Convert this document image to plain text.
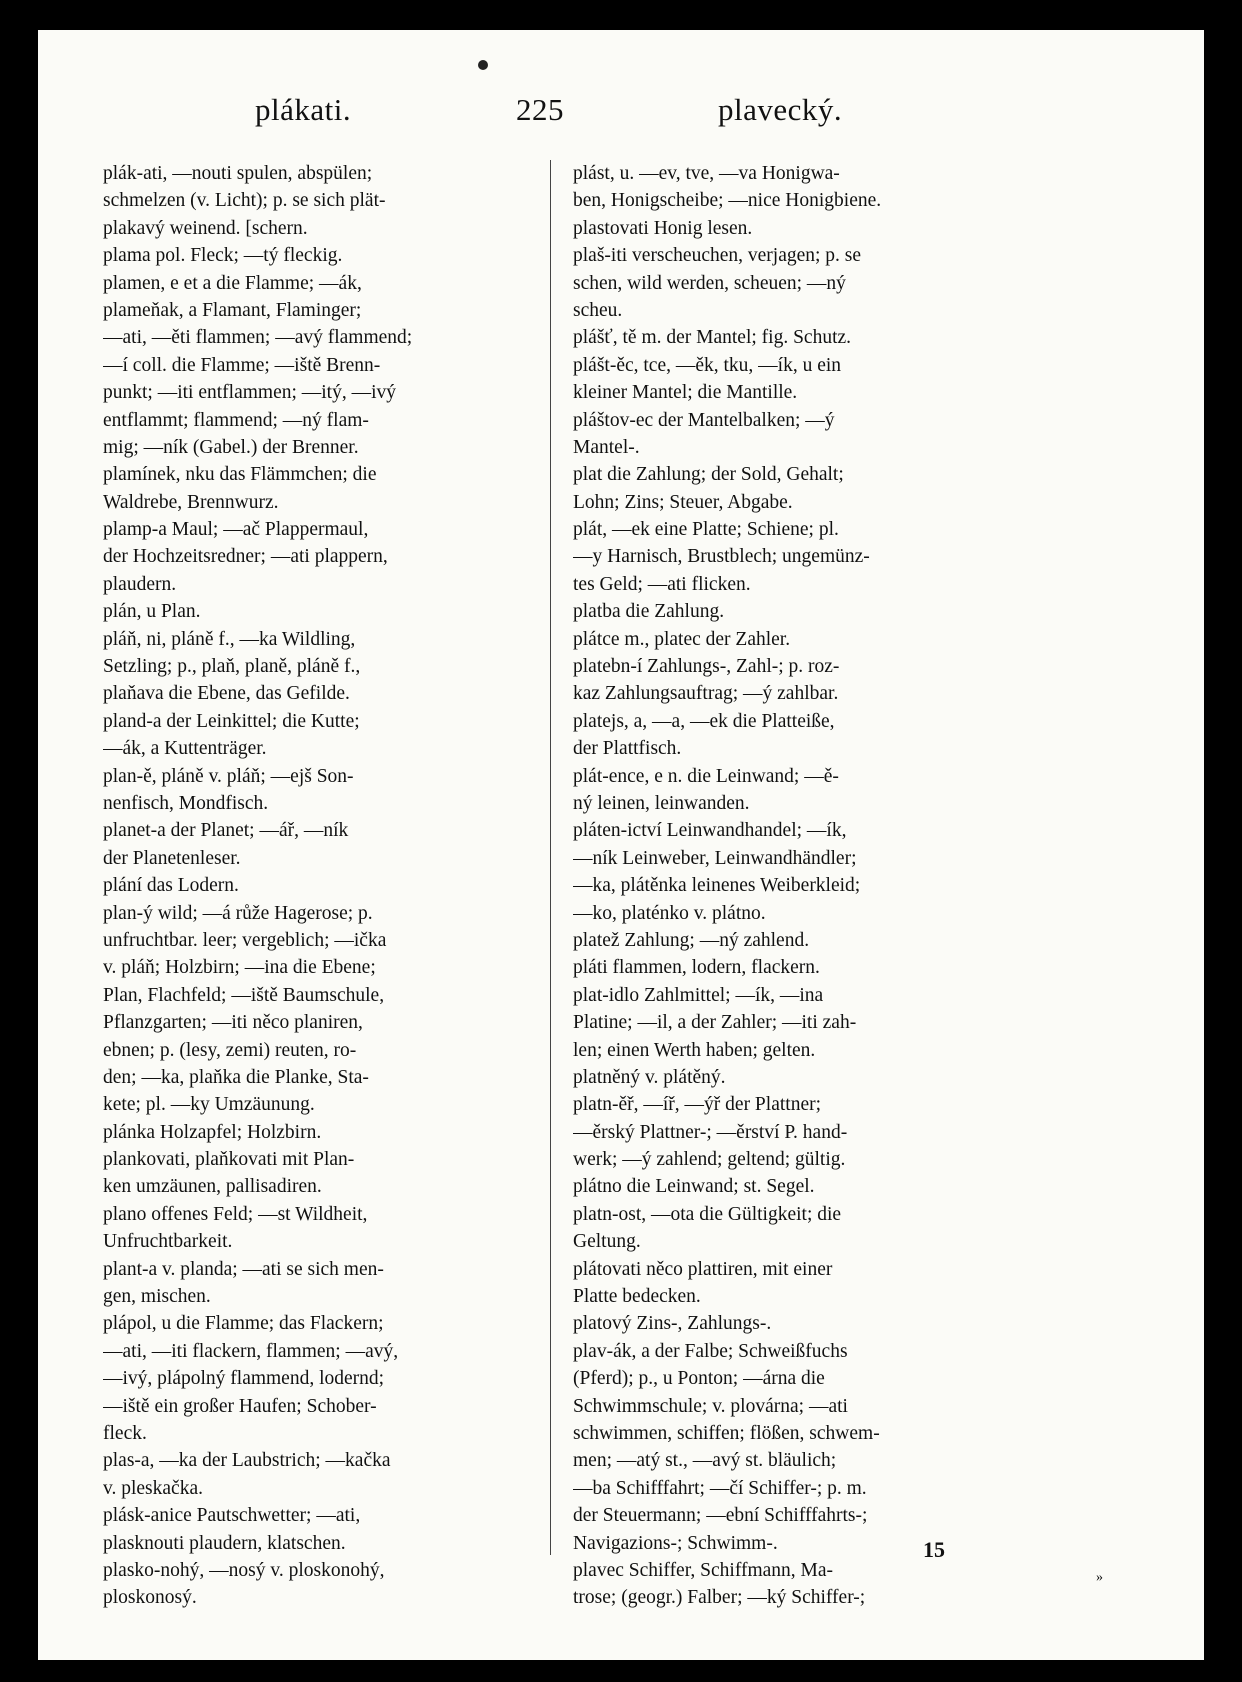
plákati.	225	plavecký.
plák-ati, —nouti spulen, abspülen;
schmelzen (v. Licht); p. se sich plät-
plakavý weinend. [schern.
plama pol. Fleck; —tý fleckig.
plamen, e et a die Flamme; —ák,
plameňak, a Flamant, Flaminger;
—ati, —ěti flammen; —avý flammend;
—í coll. die Flamme; —iště Brenn-
punkt; —iti entflammen; —itý, —ivý
entflammt; flammend; —ný flam-
mig; —ník (Gabel.) der Brenner.
plamínek, nku das Flämmchen; die
Waldrebe, Brennwurz.
plamp-a Maul; —ač Plappermaul,
der Hochzeitsredner; —ati plappern,
plaudern.
plán, u Plan.
pláň, ni, pláně f., —ka Wildling,
Setzling; p., plaň, planě, pláně f.,
plaňava die Ebene, das Gefilde.
pland-a der Leinkittel; die Kutte;
—ák, a Kuttenträger.
plan-ě, pláně v. pláň; —ejš Son-
nenfisch, Mondfisch.
planet-a der Planet; —ář, —ník
der Planetenleser.
plání das Lodern.
plan-ý wild; —á růže Hagerose; p.
unfruchtbar. leer; vergeblich; —ička
v. pláň; Holzbirn; —ina die Ebene;
Plan, Flachfeld; —iště Baumschule,
Pflanzgarten; —iti něco planiren,
ebnen; p. (lesy, zemi) reuten, ro-
den; —ka, plaňka die Planke, Sta-
kete; pl. —ky Umzäunung.
plánka Holzapfel; Holzbirn.
plankovati, plaňkovati mit Plan-
ken umzäunen, pallisadiren.
plano offenes Feld; —st Wildheit,
Unfruchtbarkeit.
plant-a v. planda; —ati se sich men-
gen, mischen.
plápol, u die Flamme; das Flackern;
—ati, —iti flackern, flammen; —avý,
—ivý, plápolný flammend, lodernd;
—iště ein großer Haufen; Schober-
fleck.
plas-a, —ka der Laubstrich; —kačka
v. pleskačka.
plásk-anice Pautschwetter; —ati,
plasknouti plaudern, klatschen.
plasko-nohý, —nosý v. ploskonohý,
ploskonosý.
plást, u. —ev, tve, —va Honigwa-
ben, Honigscheibe; —nice Honigbiene.
plastovati Honig lesen.
plaš-iti verscheuchen, verjagen; p. se
schen, wild werden, scheuen; —ný
scheu.
plášť, tě m. der Mantel; fig. Schutz.
plášt-ěc, tce, —ěk, tku, —ík, u ein
kleiner Mantel; die Mantille.
pláštov-ec der Mantelbalken; —ý
Mantel-.
plat die Zahlung; der Sold, Gehalt;
Lohn; Zins; Steuer, Abgabe.
plát, —ek eine Platte; Schiene; pl.
—y Harnisch, Brustblech; ungemünz-
tes Geld; —ati flicken.
platba die Zahlung.
plátce m., platec der Zahler.
platebn-í Zahlungs-, Zahl-; p. roz-
kaz Zahlungsauftrag; —ý zahlbar.
platejs, a, —a, —ek die Platteiße,
der Plattfisch.
plát-ence, e n. die Leinwand; —ě-
ný leinen, leinwanden.
pláten-ictví Leinwandhandel; —ík,
—ník Leinweber, Leinwandhändler;
—ka, plátěnka leinenes Weiberkleid;
—ko, platénko v. plátno.
platež Zahlung; —ný zahlend.
pláti flammen, lodern, flackern.
plat-idlo Zahlmittel; —ík, —ina
Platine; —il, a der Zahler; —iti zah-
len; einen Werth haben; gelten.
platněný v. plátěný.
platn-ěř, —íř, —ýř der Plattner;
—ěrský Plattner-; —ěrství P. hand-
werk; —ý zahlend; geltend; gültig.
plátno die Leinwand; st. Segel.
platn-ost, —ota die Gültigkeit; die
Geltung.
plátovati něco plattiren, mit einer
Platte bedecken.
platový Zins-, Zahlungs-.
plav-ák, a der Falbe; Schweißfuchs
(Pferd); p., u Ponton; —árna die
Schwimmschule; v. plovárna; —ati
schwimmen, schiffen; flößen, schwem-
men; —atý st., —avý st. bläulich;
—ba Schifffahrt; —čí Schiffer-; p. m.
der Steuermann; —ební Schifffahrts-;
Navigazions-; Schwimm-.
plavec Schiffer, Schiffmann, Ma-
trose; (geogr.) Falber; —ký Schiffer-;
15
»
